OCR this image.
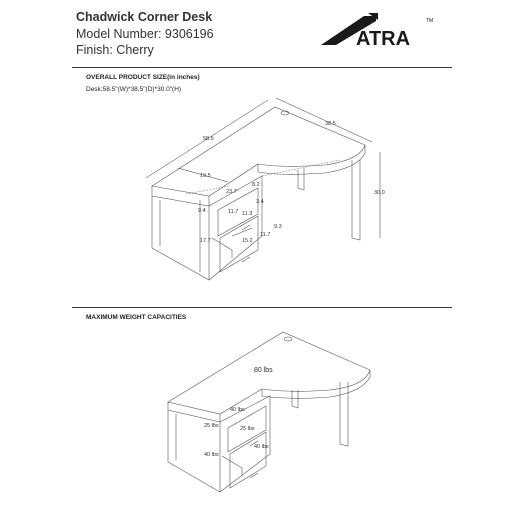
Chadwick Corner Desk
Model Number: 9306196
Finish: Cherry	ATRA
TM
OVERALL PRODUCT SIZE(in inches)
Desk:58.5"(W)*38.5"(D)*30.0"(H)
MAXIMUM WEIGHT CAPACITIES
58.5
38.5
30.0
19.5
23.7
8.2
9.4	11.7
3.4
11.3
9.3
11.7
15.2
17.7
80 lbs
40 lbs
25 lbs	25 lbs
40 lbs
40 lbs
